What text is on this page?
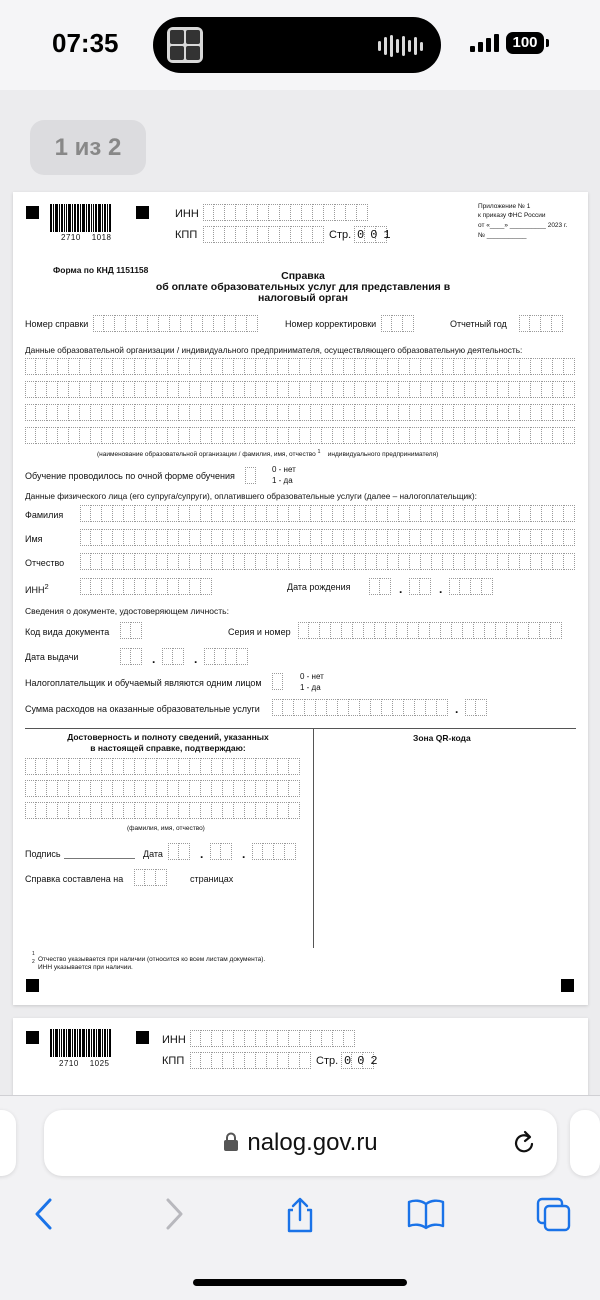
07:35	100
1 из 2
2710 1018
ИНН
КПП	Стр. 001
Приложение № 1
к приказу ФНС России
от «____» __________ 2023 г.
№ ___________
Форма по КНД 1151158	Справка
об оплате образовательных услуг для представления в
налоговый орган
Номер справки	Номер корректировки	Отчетный год
Данные образовательной организации / индивидуального предпринимателя, осуществляющего образовательную деятельность:
(наименование образовательной организации / фамилия, имя, отчество $^1$ индивидуального предпринимателя)
Обучение проводилось по очной форме обучения
0 - нет
1 - да
Данные физического лица (его супруга/супруги), оплатившего образовательные услуги (далее – налогоплательщик):
Фамилия
Имя
Отчество
ИНН$^2$	Дата рождения	.	.
Сведения о документе, удостоверяющем личность:
Код вида документа	Серия и номер
Дата выдачи	.	.
Налогоплательщик и обучаемый являются одним лицом
0 - нет
1 - да
Сумма расходов на оказанные образовательные услуги	.
Достоверность и полноту сведений, указанных
в настоящей справке, подтверждаю:
Зона QR-кода
(фамилия, имя, отчество)
Подпись	Дата	.	.
Справка составлена на	страницах
1
Отчество указывается при наличии (относится ко всем листам документа).
2
ИНН указывается при наличии.
2710 1025
ИНН
КПП	Стр. 002
nalog.gov.ru
